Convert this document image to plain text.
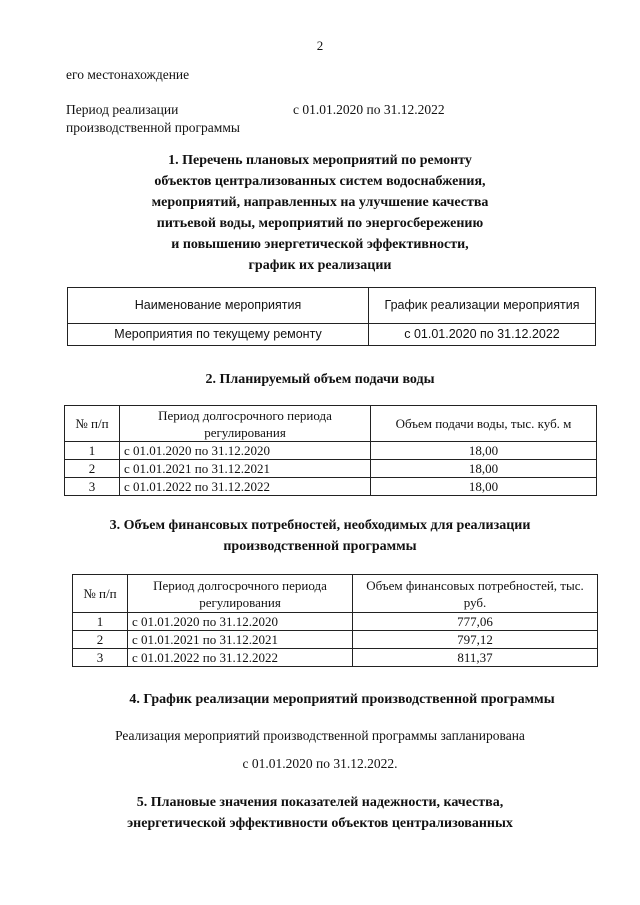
2
его местонахождение
Период реализации
производственной программы
с 01.01.2020 по 31.12.2022
1. Перечень плановых мероприятий по ремонту
объектов централизованных систем водоснабжения,
мероприятий, направленных на улучшение качества
питьевой воды, мероприятий по энергосбережению
и повышению энергетической эффективности,
график их реализации
Наименование мероприятия	График реализации мероприятия
Мероприятия по текущему ремонту	с 01.01.2020 по 31.12.2022
2. Планируемый объем подачи воды
№ п/п	Период долгосрочного периода регулирования	Объем подачи воды, тыс. куб. м
1	с 01.01.2020 по 31.12.2020	18,00
2	с 01.01.2021 по 31.12.2021	18,00
3	с 01.01.2022 по 31.12.2022	18,00
3. Объем финансовых потребностей, необходимых для реализации
производственной программы
№ п/п	Период долгосрочного периода регулирования	Объем финансовых потребностей, тыс. руб.
1	с 01.01.2020 по 31.12.2020	777,06
2	с 01.01.2021 по 31.12.2021	797,12
3	с 01.01.2022 по 31.12.2022	811,37
4. График реализации мероприятий производственной программы
Реализация мероприятий производственной программы запланирована
с 01.01.2020 по 31.12.2022.
5. Плановые значения показателей надежности, качества,
энергетической эффективности объектов централизованных
